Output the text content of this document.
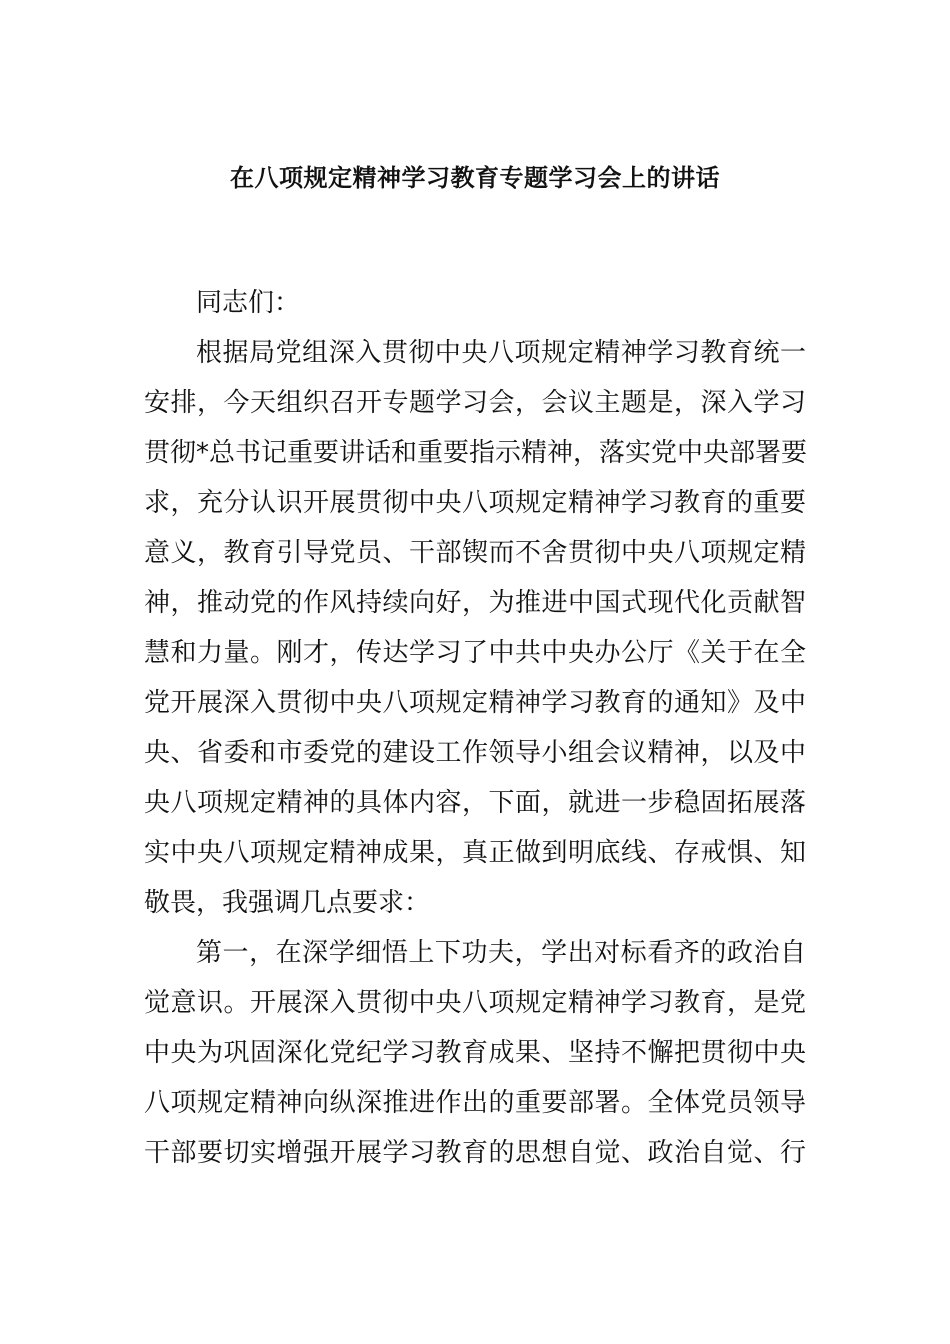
在八项规定精神学习教育专题学习会上的讲话
同志们：
根据局党组深入贯彻中央八项规定精神学习教育统一
安排，今天组织召开专题学习会，会议主题是，深入学习
贯彻*总书记重要讲话和重要指示精神，落实党中央部署要
求，充分认识开展贯彻中央八项规定精神学习教育的重要
意义，教育引导党员、干部锲而不舍贯彻中央八项规定精
神，推动党的作风持续向好，为推进中国式现代化贡献智
慧和力量。刚才，传达学习了中共中央办公厅《关于在全
党开展深入贯彻中央八项规定精神学习教育的通知》及中
央、省委和市委党的建设工作领导小组会议精神，以及中
央八项规定精神的具体内容，下面，就进一步稳固拓展落
实中央八项规定精神成果，真正做到明底线、存戒惧、知
敬畏，我强调几点要求：
第一，在深学细悟上下功夫，学出对标看齐的政治自
觉意识。开展深入贯彻中央八项规定精神学习教育，是党
中央为巩固深化党纪学习教育成果、坚持不懈把贯彻中央
八项规定精神向纵深推进作出的重要部署。全体党员领导
干部要切实增强开展学习教育的思想自觉、政治自觉、行
